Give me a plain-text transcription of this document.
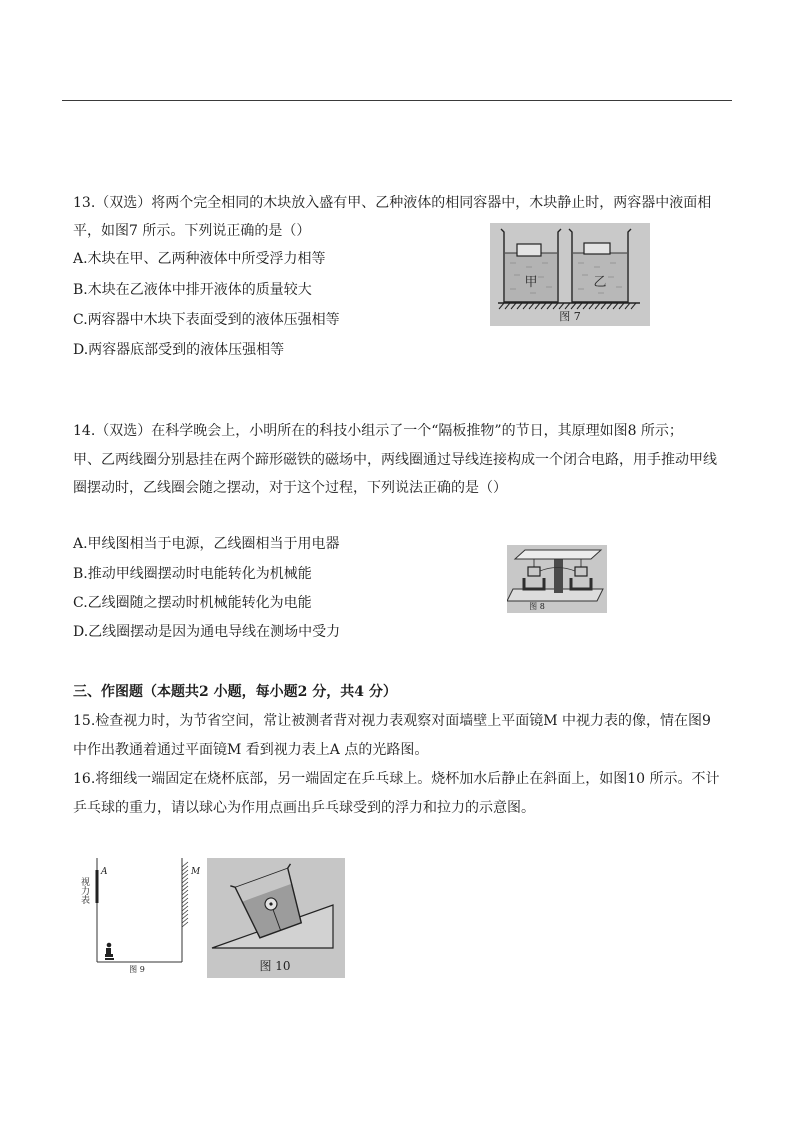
13.（双选）将两个完全相同的木块放入盛有甲、乙种液体的相同容器中，木块静止时，两容器中液面相
平，如图7 所示。下列说正确的是（）
A.木块在甲、乙两种液体中所受浮力相等
B.木块在乙液体中排开液体的质量较大
C.两容器中木块下表面受到的液体压强相等
D.两容器底部受到的液体压强相等
甲	乙
图 7
14.（双选）在科学晚会上，小明所在的科技小组示了一个“隔板推物”的节日，其原理如图8 所示；
甲、乙两线圈分别悬挂在两个蹄形磁铁的磁场中，两线圈通过导线连接构成一个闭合电路，用手推动甲线
圈摆动时，乙线圈会随之摆动，对于这个过程，下列说法正确的是（）
A.甲线图相当于电源，乙线圈相当于用电器
B.推动甲线圈摆动时电能转化为机械能
C.乙线圈随之摆动时机械能转化为电能
D.乙线圈摆动是因为通电导线在测场中受力
图 8
三、作图题（本题共2 小题，每小题2 分，共4 分）
15.检查视力时，为节省空间，常让被测者背对视力表观察对面墙壁上平面镜M 中视力表的像，情在图9
中作出教通着通过平面镜M 看到视力表上A 点的光路图。
16.将细线一端固定在烧杯底部，另一端固定在乒乓球上。烧杯加水后静止在斜面上，如图10 所示。不计
乒乓球的重力，请以球心为作用点画出乒乓球受到的浮力和拉力的示意图。
A	M
图 9
视力表
图 10
